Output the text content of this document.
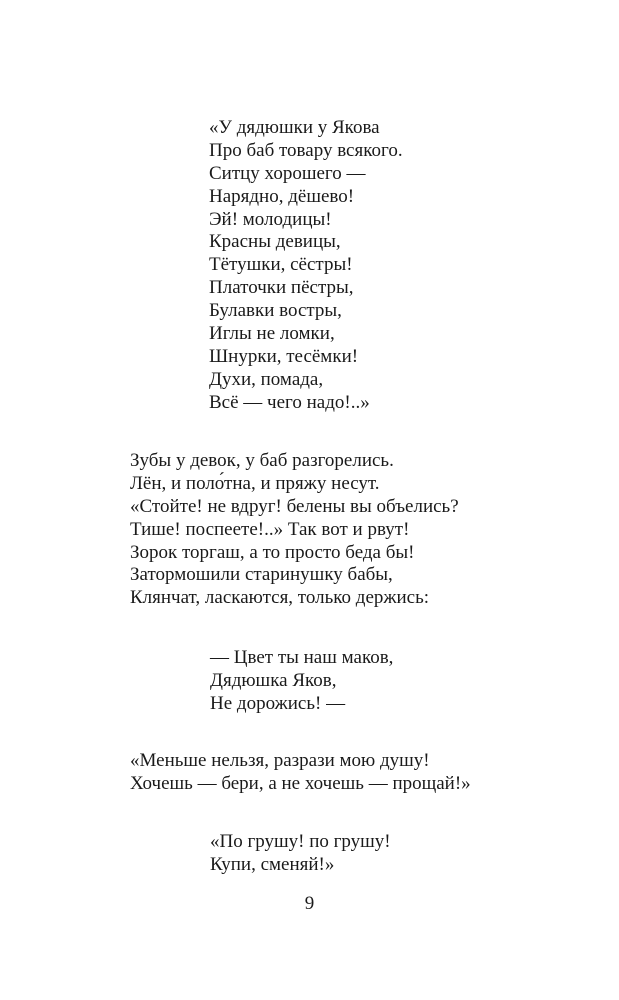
«У дядюшки у Якова
Про баб товару всякого.
Ситцу хорошего —
Нарядно, дёшево!
Эй! молодицы!
Красны девицы,
Тётушки, сёстры!
Платочки пёстры,
Булавки востры,
Иглы не ломки,
Шнурки, тесёмки!
Духи, помада,
Всё — чего надо!..»
Зубы у девок, у баб разгорелись.
Лён, и поло́тна, и пряжу несут.
«Стойте! не вдруг! белены вы объелись?
Тише! поспеете!..» Так вот и рвут!
Зорок торгаш, а то просто беда бы!
Затормошили старинушку бабы,
Клянчат, ласкаются, только держись:
— Цвет ты наш маков,
Дядюшка Яков,
Не дорожись! —
«Меньше нельзя, разрази мою душу!
Хочешь — бери, а не хочешь — прощай!»
«По грушу! по грушу!
Купи, сменяй!»
9
